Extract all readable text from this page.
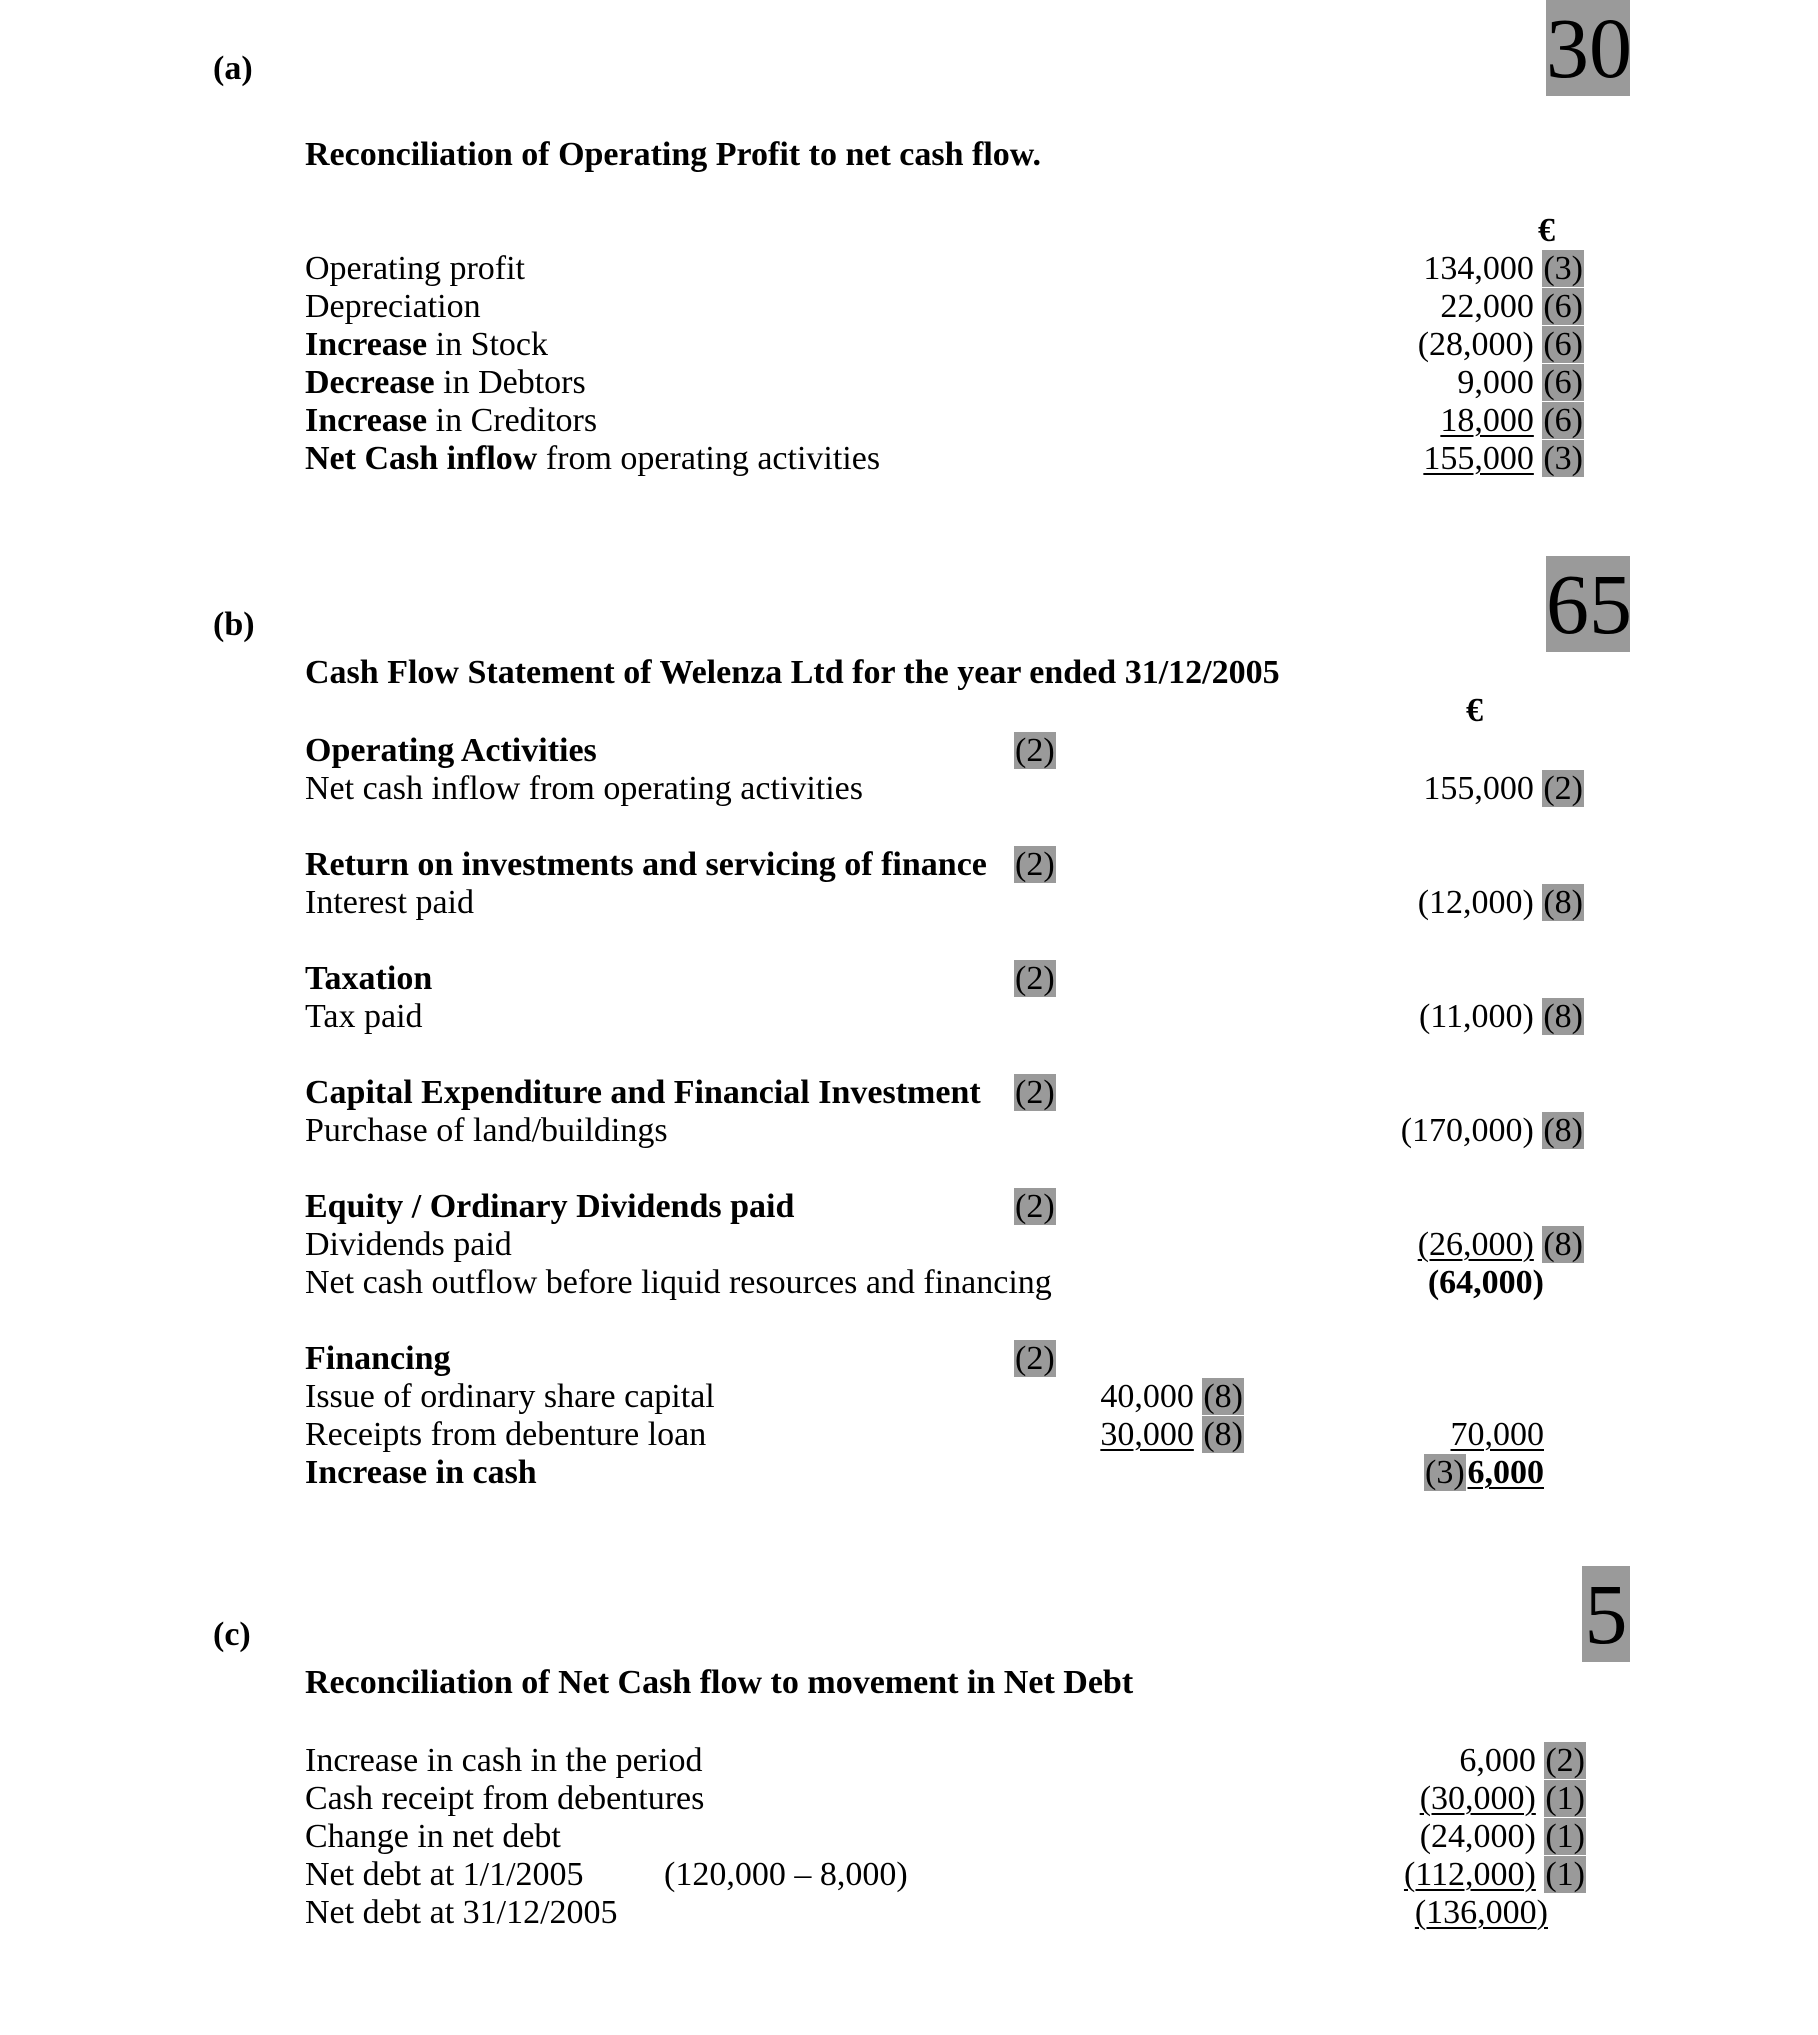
(a)	30
Reconciliation of Operating Profit to net cash flow.
€
Operating profit	134,000 (3)
Depreciation	22,000 (6)
Increase in Stock	(28,000) (6)
Decrease in Debtors	9,000 (6)
Increase in Creditors	18,000 (6)
Net Cash inflow from operating activities	155,000 (3)
(b)	65
Cash Flow Statement of Welenza Ltd for the year ended 31/12/2005
€
Operating Activities	(2)
Net cash inflow from operating activities	155,000 (2)
Return on investments and servicing of finance (2)
Interest paid	(12,000) (8)
Taxation	(2)
Tax paid	(11,000) (8)
Capital Expenditure and Financial Investment (2)
Purchase of land/buildings	(170,000) (8)
Equity / Ordinary Dividends paid	(2)
Dividends paid	(26,000) (8)
Net cash outflow before liquid resources and financing	(64,000)
Financing	(2)
Issue of ordinary share capital	40,000 (8)
Receipts from debenture loan	30,000 (8)	70,000
Increase in cash	(3) 6,000
(c)	5
Reconciliation of Net Cash flow to movement in Net Debt
Increase in cash in the period	6,000 (2)
Cash receipt from debentures	(30,000) (1)
Change in net debt	(24,000) (1)
Net debt at 1/1/2005 (120,000 – 8,000)	(112,000) (1)
Net debt at 31/12/2005	(136,000)
